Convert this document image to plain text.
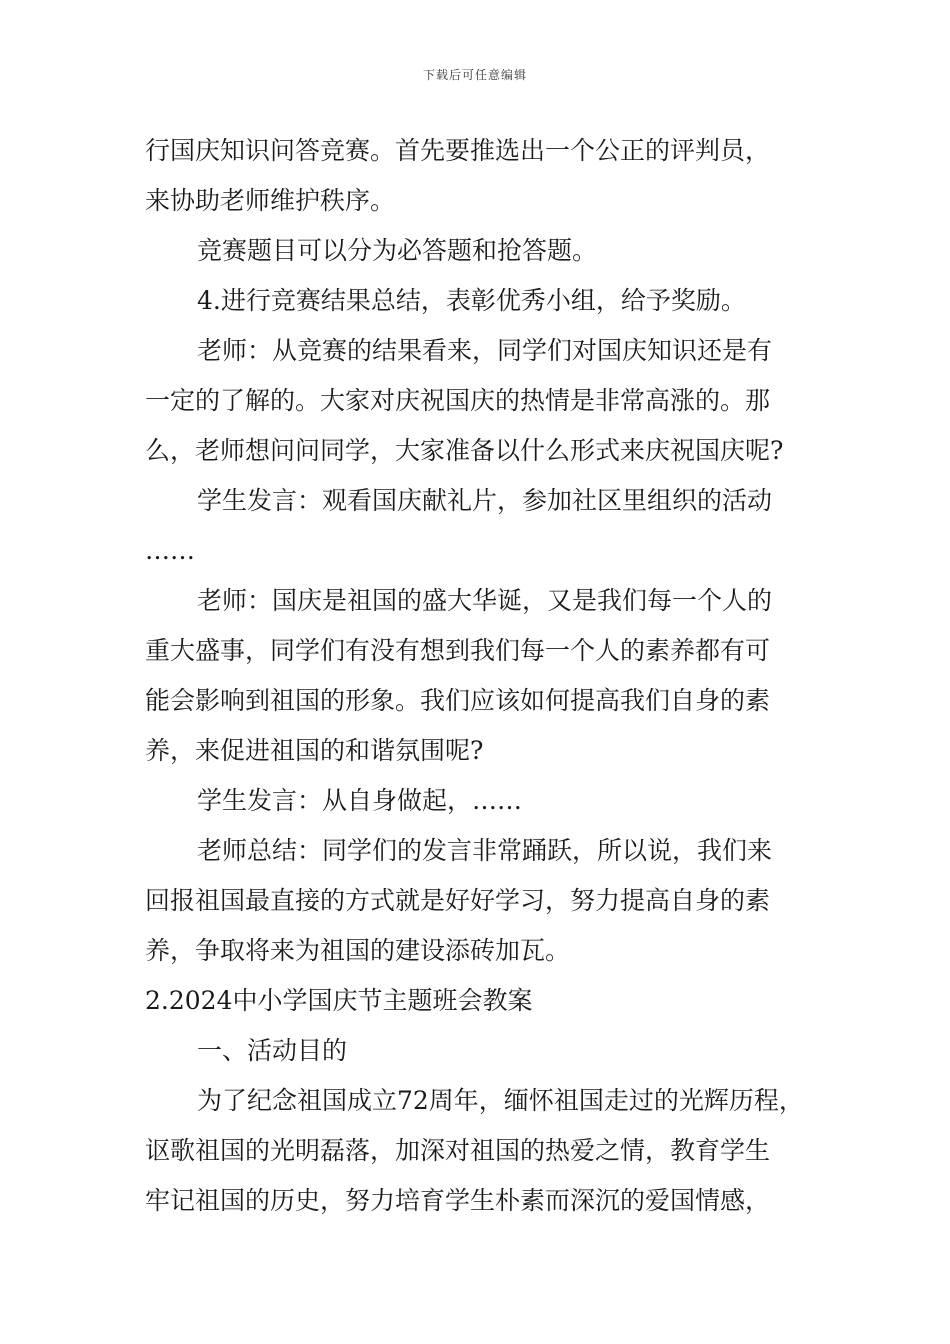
下载后可任意编辑

行国庆知识问答竞赛。首先要推选出一个公正的评判员，

来协助老师维护秩序。

竞赛题目可以分为必答题和抢答题。

4.进行竞赛结果总结，表彰优秀小组，给予奖励。

老师：从竞赛的结果看来，同学们对国庆知识还是有

一定的了解的。大家对庆祝国庆的热情是非常高涨的。那

么，老师想问问同学，大家准备以什么形式来庆祝国庆呢?

学生发言：观看国庆献礼片，参加社区里组织的活动

……

老师：国庆是祖国的盛大华诞，又是我们每一个人的

重大盛事，同学们有没有想到我们每一个人的素养都有可

能会影响到祖国的形象。我们应该如何提高我们自身的素

养，来促进祖国的和谐氛围呢?

学生发言：从自身做起，……

老师总结：同学们的发言非常踊跃，所以说，我们来

回报祖国最直接的方式就是好好学习，努力提高自身的素

养，争取将来为祖国的建设添砖加瓦。

2.2024中小学国庆节主题班会教案

一、活动目的

为了纪念祖国成立72周年，缅怀祖国走过的光辉历程，

讴歌祖国的光明磊落，加深对祖国的热爱之情，教育学生

牢记祖国的历史，努力培育学生朴素而深沉的爱国情感，
